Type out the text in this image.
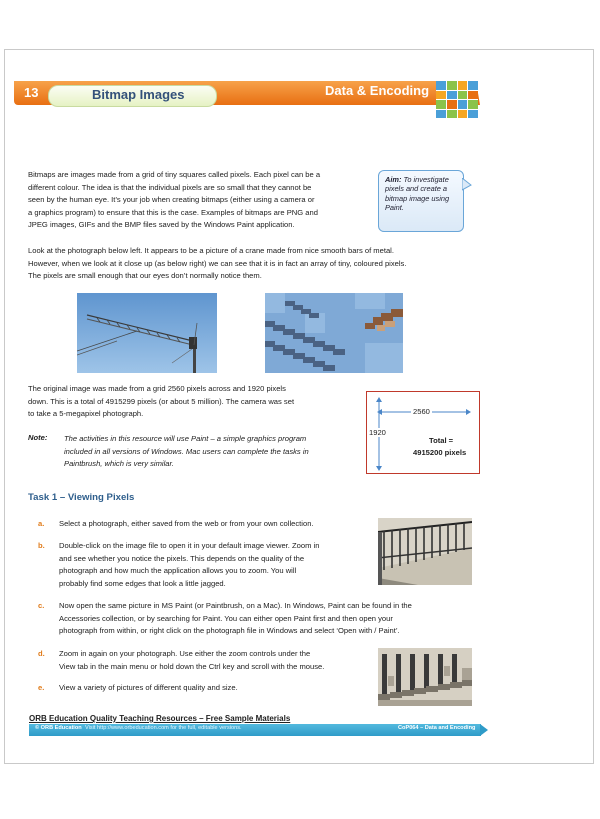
13	Bitmap Images	Data & Encoding

Bitmaps are images made from a grid of tiny squares called pixels. Each pixel can be a
different colour. The idea is that the individual pixels are so small that they cannot be
seen by the human eye. It’s your job when creating bitmaps (either using a camera or
a graphics program) to ensure that this is the case. Examples of bitmaps are PNG and
JPEG images, GIFs and the BMP files saved by the Windows Paint application.

Aim: To investigate pixels and create a bitmap image using Paint.

Look at the photograph below left. It appears to be a picture of a crane made from nice smooth bars of metal.
However, when we look at it close up (as below right) we can see that it is in fact an array of tiny, coloured pixels.
The pixels are small enough that our eyes don’t normally notice them.

The original image was made from a grid 2560 pixels across and 1920 pixels
down. This is a total of 4915299 pixels (or about 5 million). The camera was set
to take a 5-megapixel photograph.	2560
1920
Total =
4915200 pixels
Note: The activities in this resource will use Paint – a simple graphics program
included in all versions of Windows. Mac users can complete the tasks in
Paintbrush, which is very similar.

Task 1 – Viewing Pixels
a. Select a photograph, either saved from the web or from your own collection.
b. Double-click on the image file to open it in your default image viewer. Zoom in
and see whether you notice the pixels. This depends on the quality of the
photograph and how much the application allows you to zoom. You will
probably find some edges that look a little jagged.
c. Now open the same picture in MS Paint (or Paintbrush, on a Mac). In Windows, Paint can be found in the
Accessories collection, or by searching for Paint. You can either open Paint first and then open your
photograph from within, or right click on the photograph file in Windows and select ‘Open with / Paint’.
d. Zoom in again on your photograph. Use either the zoom controls under the
View tab in the main menu or hold down the Ctrl key and scroll with the mouse.
e. View a variety of pictures of different quality and size.
ORB Education Quality Teaching Resources – Free Sample Materials
© ORB Education Visit http://www.orbeducation.com for the full, editable versions.	CoP064 – Data and Encoding
